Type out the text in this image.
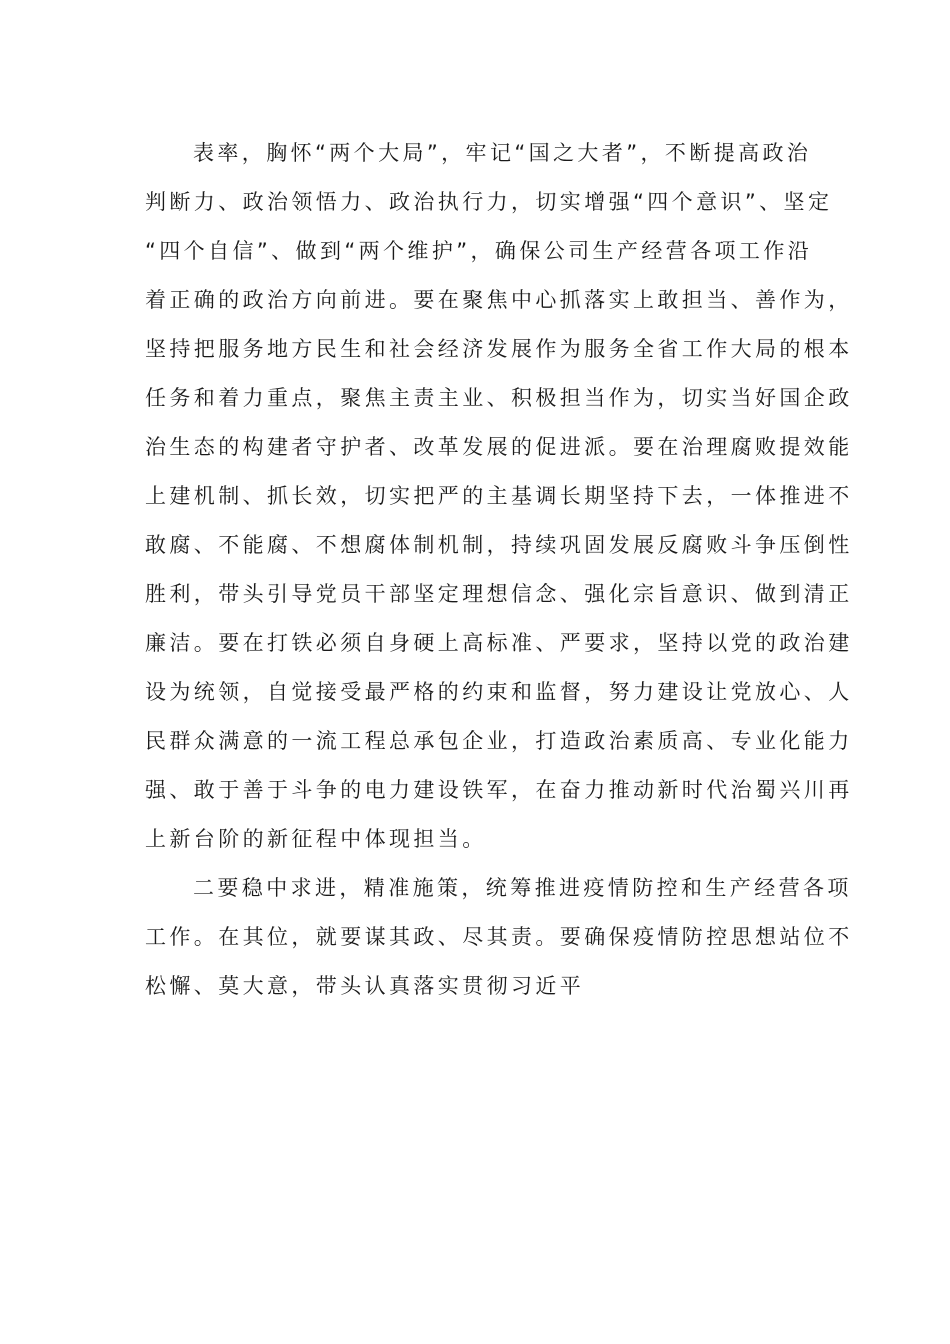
表率，胸怀“两个大局”，牢记“国之大者”，不断提高政治
判断力、政治领悟力、政治执行力，切实增强“四个意识”、坚定
“四个自信”、做到“两个维护”，确保公司生产经营各项工作沿
着正确的政治方向前进。要在聚焦中心抓落实上敢担当、善作为，
坚持把服务地方民生和社会经济发展作为服务全省工作大局的根本
任务和着力重点，聚焦主责主业、积极担当作为，切实当好国企政
治生态的构建者守护者、改革发展的促进派。要在治理腐败提效能
上建机制、抓长效，切实把严的主基调长期坚持下去，一体推进不
敢腐、不能腐、不想腐体制机制，持续巩固发展反腐败斗争压倒性
胜利，带头引导党员干部坚定理想信念、强化宗旨意识、做到清正
廉洁。要在打铁必须自身硬上高标准、严要求，坚持以党的政治建
设为统领，自觉接受最严格的约束和监督，努力建设让党放心、人
民群众满意的一流工程总承包企业，打造政治素质高、专业化能力
强、敢于善于斗争的电力建设铁军，在奋力推动新时代治蜀兴川再
上新台阶的新征程中体现担当。
二要稳中求进，精准施策，统筹推进疫情防控和生产经营各项
工作。在其位，就要谋其政、尽其责。要确保疫情防控思想站位不
松懈、莫大意，带头认真落实贯彻习近平
